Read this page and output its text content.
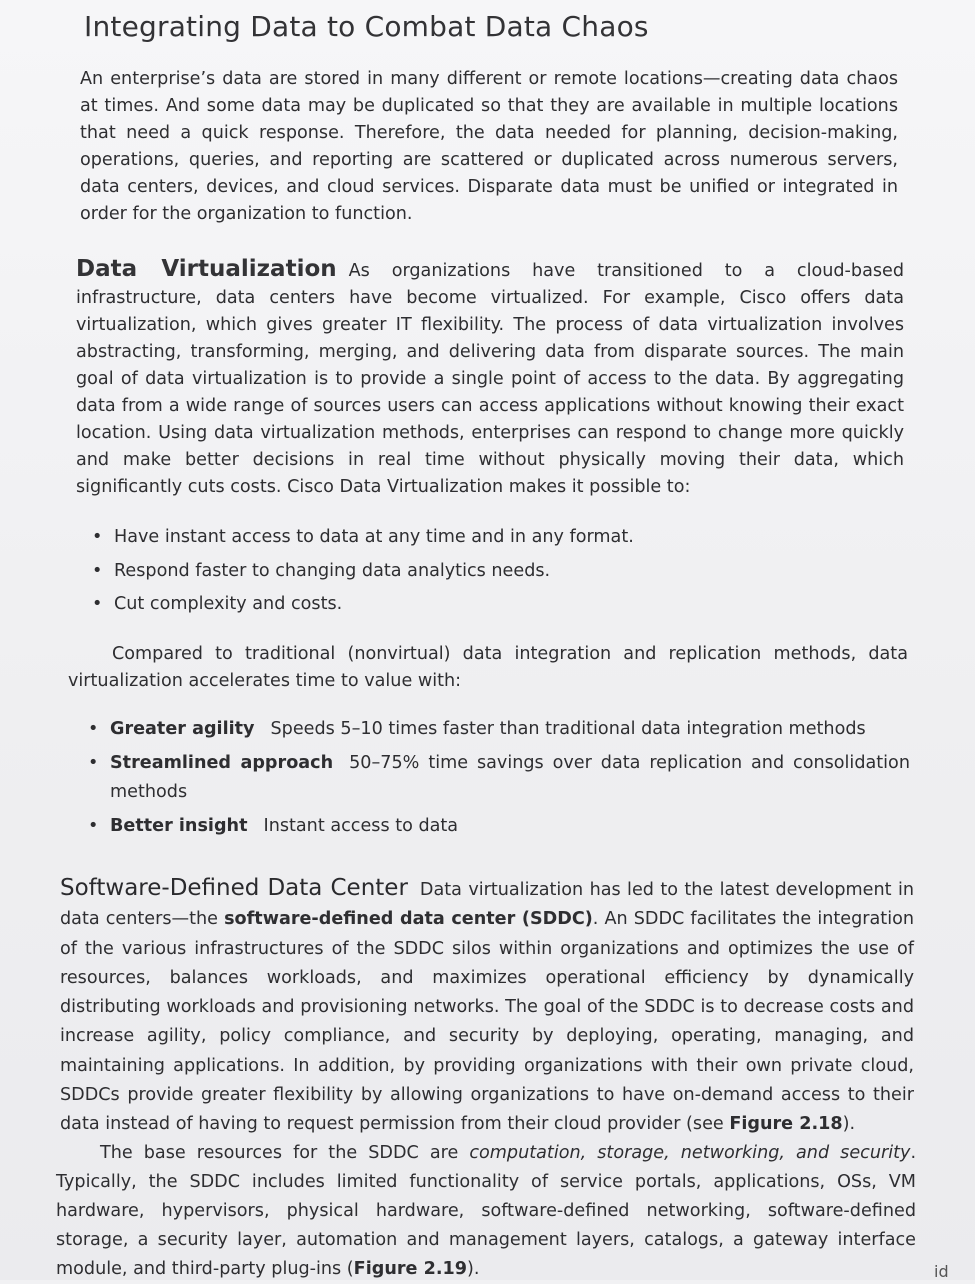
Integrating Data to Combat Data Chaos

An enterprise’s data are stored in many different or remote locations—creating data chaos at times. And some data may be duplicated so that they are available in multiple locations that need a quick response. Therefore, the data needed for planning, decision-making, operations, queries, and reporting are scattered or duplicated across numerous servers, data centers, devices, and cloud services. Disparate data must be unified or integrated in order for the organization to function.

Data Virtualization As organizations have transitioned to a cloud-based infrastructure, data centers have become virtualized. For example, Cisco offers data virtualization, which gives greater IT flexibility. The process of data virtualization involves abstracting, transforming, merging, and delivering data from disparate sources. The main goal of data virtualization is to provide a single point of access to the data. By aggregating data from a wide range of sources users can access applications without knowing their exact location. Using data virtualization methods, enterprises can respond to change more quickly and make better decisions in real time without physically moving their data, which significantly cuts costs. Cisco Data Virtualization makes it possible to:

• Have instant access to data at any time and in any format.
• Respond faster to changing data analytics needs.
• Cut complexity and costs.

Compared to traditional (nonvirtual) data integration and replication methods, data virtualization accelerates time to value with:

• Greater agility Speeds 5–10 times faster than traditional data integration methods
• Streamlined approach 50–75% time savings over data replication and consolidation methods
• Better insight Instant access to data

Software-Defined Data Center Data virtualization has led to the latest development in data centers—the software-defined data center (SDDC). An SDDC facilitates the integration of the various infrastructures of the SDDC silos within organizations and optimizes the use of resources, balances workloads, and maximizes operational efficiency by dynamically distributing workloads and provisioning networks. The goal of the SDDC is to decrease costs and increase agility, policy compliance, and security by deploying, operating, managing, and maintaining applications. In addition, by providing organizations with their own private cloud, SDDCs provide greater flexibility by allowing organizations to have on-demand access to their data instead of having to request permission from their cloud provider (see Figure 2.18).

The base resources for the SDDC are computation, storage, networking, and security. Typically, the SDDC includes limited functionality of service portals, applications, OSs, VM hardware, hypervisors, physical hardware, software-defined networking, software-defined storage, a security layer, automation and management layers, catalogs, a gateway interface module, and third-party plug-ins (Figure 2.19).	id
